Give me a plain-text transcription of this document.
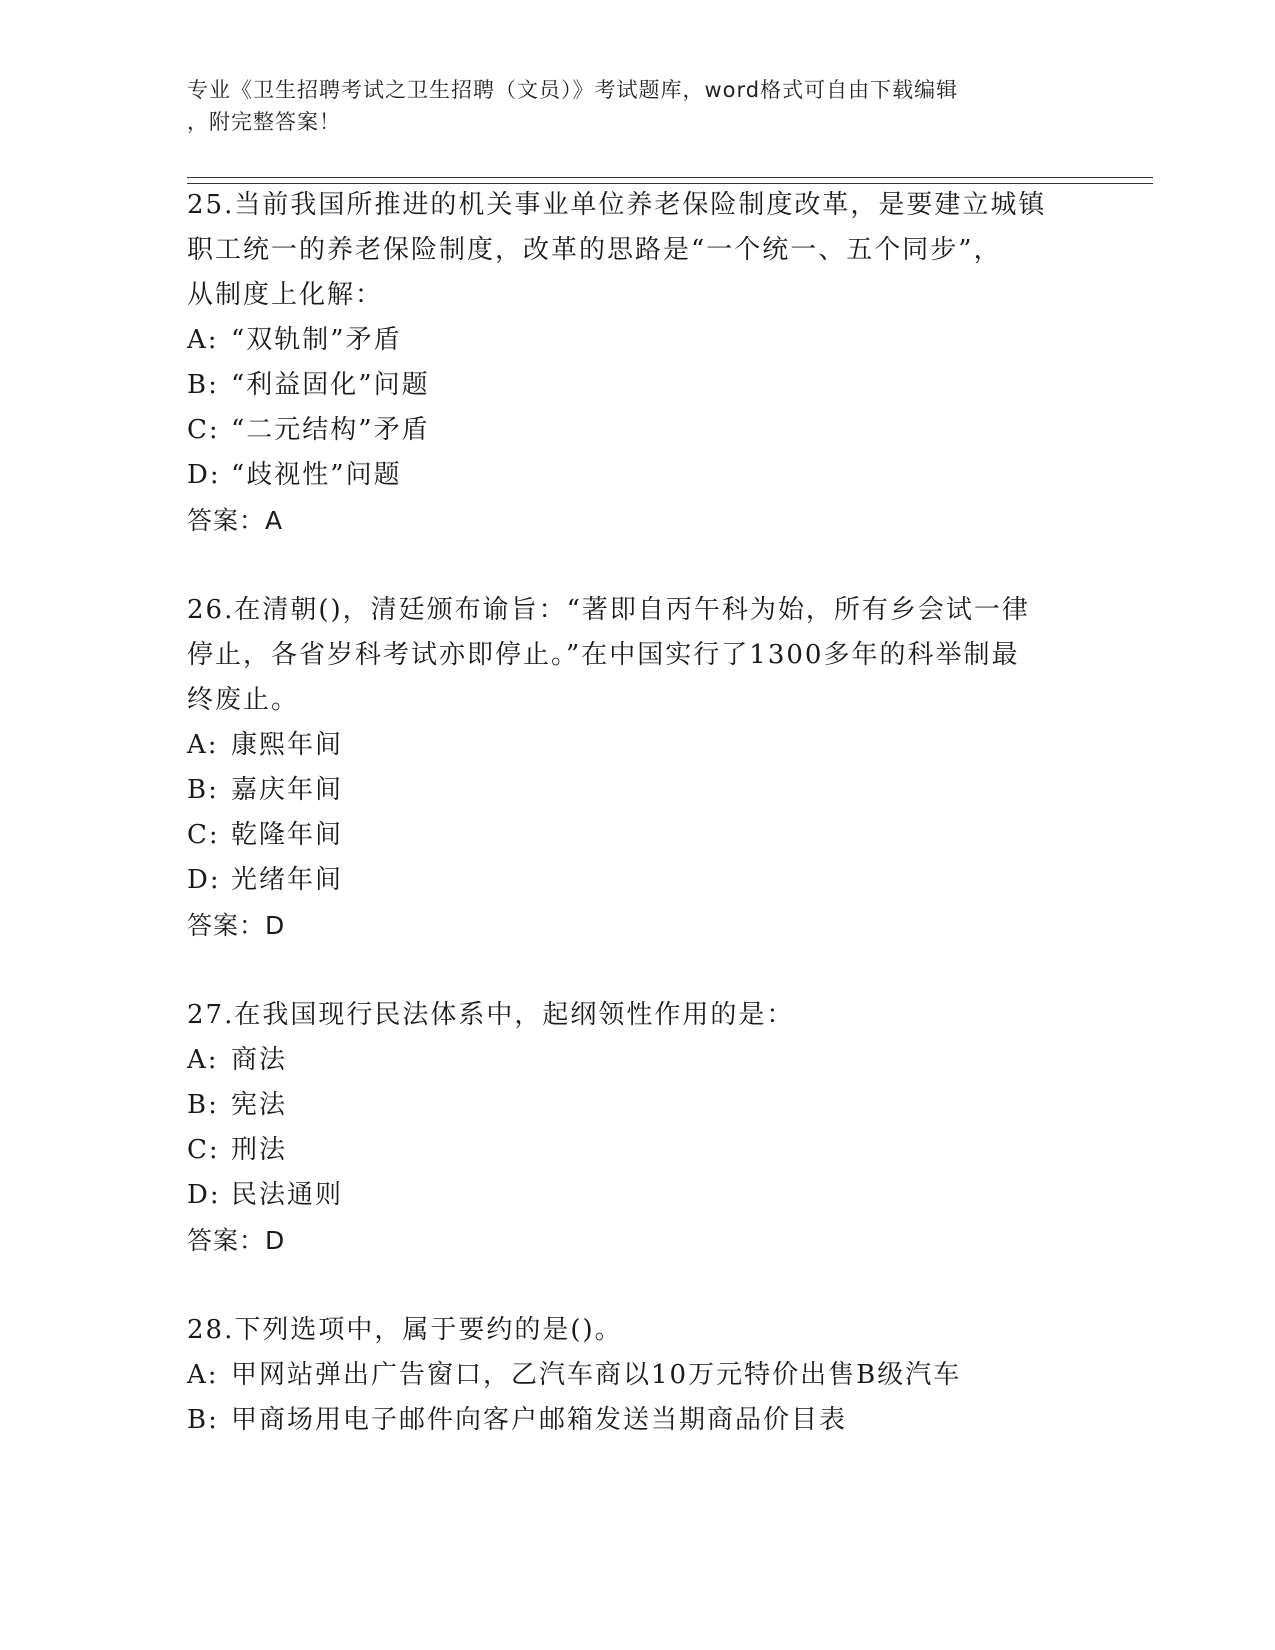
专业《卫生招聘考试之卫生招聘（文员）》考试题库，word格式可自由下载编辑
，附完整答案！
25.当前我国所推进的机关事业单位养老保险制度改革，是要建立城镇
职工统一的养老保险制度，改革的思路是“一个统一、五个同步”，
从制度上化解：
A: “双轨制”矛盾
B: “利益固化”问题
C: “二元结构”矛盾
D: “歧视性”问题
答案：A
26.在清朝()，清廷颁布谕旨：“著即自丙午科为始，所有乡会试一律
停止，各省岁科考试亦即停止。”在中国实行了1300多年的科举制最
终废止。
A: 康熙年间
B: 嘉庆年间
C: 乾隆年间
D: 光绪年间
答案：D
27.在我国现行民法体系中，起纲领性作用的是：
A: 商法
B: 宪法
C: 刑法
D: 民法通则
答案：D
28.下列选项中，属于要约的是()。
A: 甲网站弹出广告窗口，乙汽车商以10万元特价出售B级汽车
B: 甲商场用电子邮件向客户邮箱发送当期商品价目表
